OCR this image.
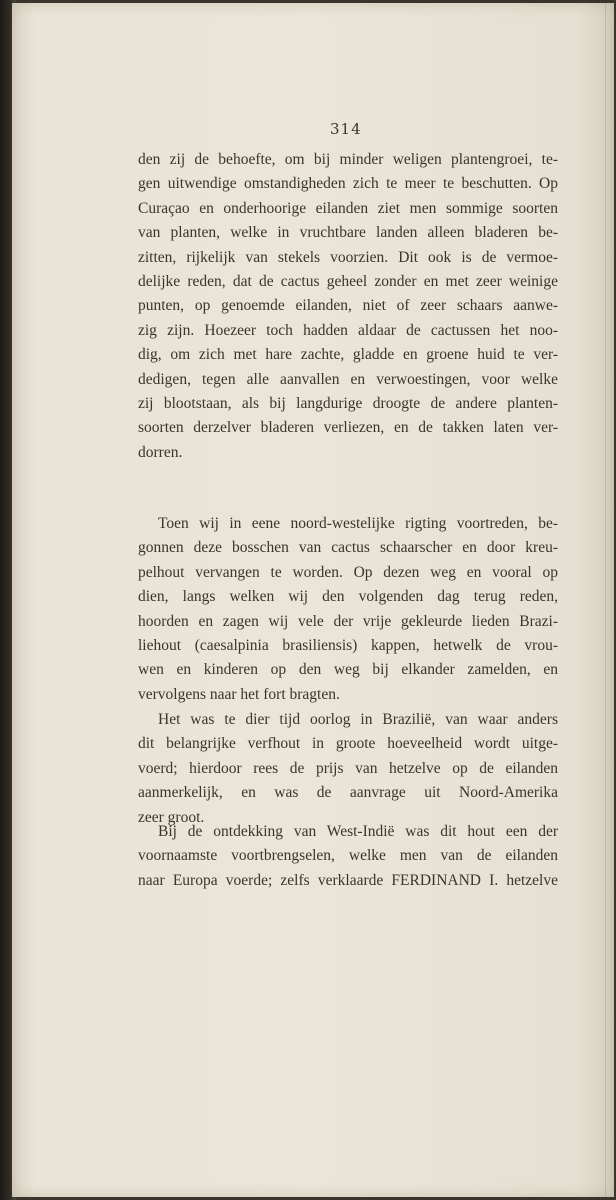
314
den zij de behoefte, om bij minder weligen plantengroei, te-
gen uitwendige omstandigheden zich te meer te beschutten. Op
Curaçao en onderhoorige eilanden ziet men sommige soorten
van planten, welke in vruchtbare landen alleen bladeren be-
zitten, rijkelijk van stekels voorzien. Dit ook is de vermoe-
delijke reden, dat de cactus geheel zonder en met zeer weinige
punten, op genoemde eilanden, niet of zeer schaars aanwe-
zig zijn. Hoezeer toch hadden aldaar de cactussen het noo-
dig, om zich met hare zachte, gladde en groene huid te ver-
dedigen, tegen alle aanvallen en verwoestingen, voor welke
zij blootstaan, als bij langdurige droogte de andere planten-
soorten derzelver bladeren verliezen, en de takken laten ver-
dorren.
Toen wij in eene noord-westelijke rigting voortreden, be-
gonnen deze bosschen van cactus schaarscher en door kreu-
pelhout vervangen te worden. Op dezen weg en vooral op
dien, langs welken wij den volgenden dag terug reden,
hoorden en zagen wij vele der vrije gekleurde lieden Brazi-
liehout (caesalpinia brasiliensis) kappen, hetwelk de vrou-
wen en kinderen op den weg bij elkander zamelden, en
vervolgens naar het fort bragten.
Het was te dier tijd oorlog in Brazilië, van waar anders
dit belangrijke verfhout in groote hoeveelheid wordt uitge-
voerd; hierdoor rees de prijs van hetzelve op de eilanden
aanmerkelijk, en was de aanvrage uit Noord-Amerika
zeer groot.
Bij de ontdekking van West-Indië was dit hout een der
voornaamste voortbrengselen, welke men van de eilanden
naar Europa voerde; zelfs verklaarde FERDINAND I. hetzelve
